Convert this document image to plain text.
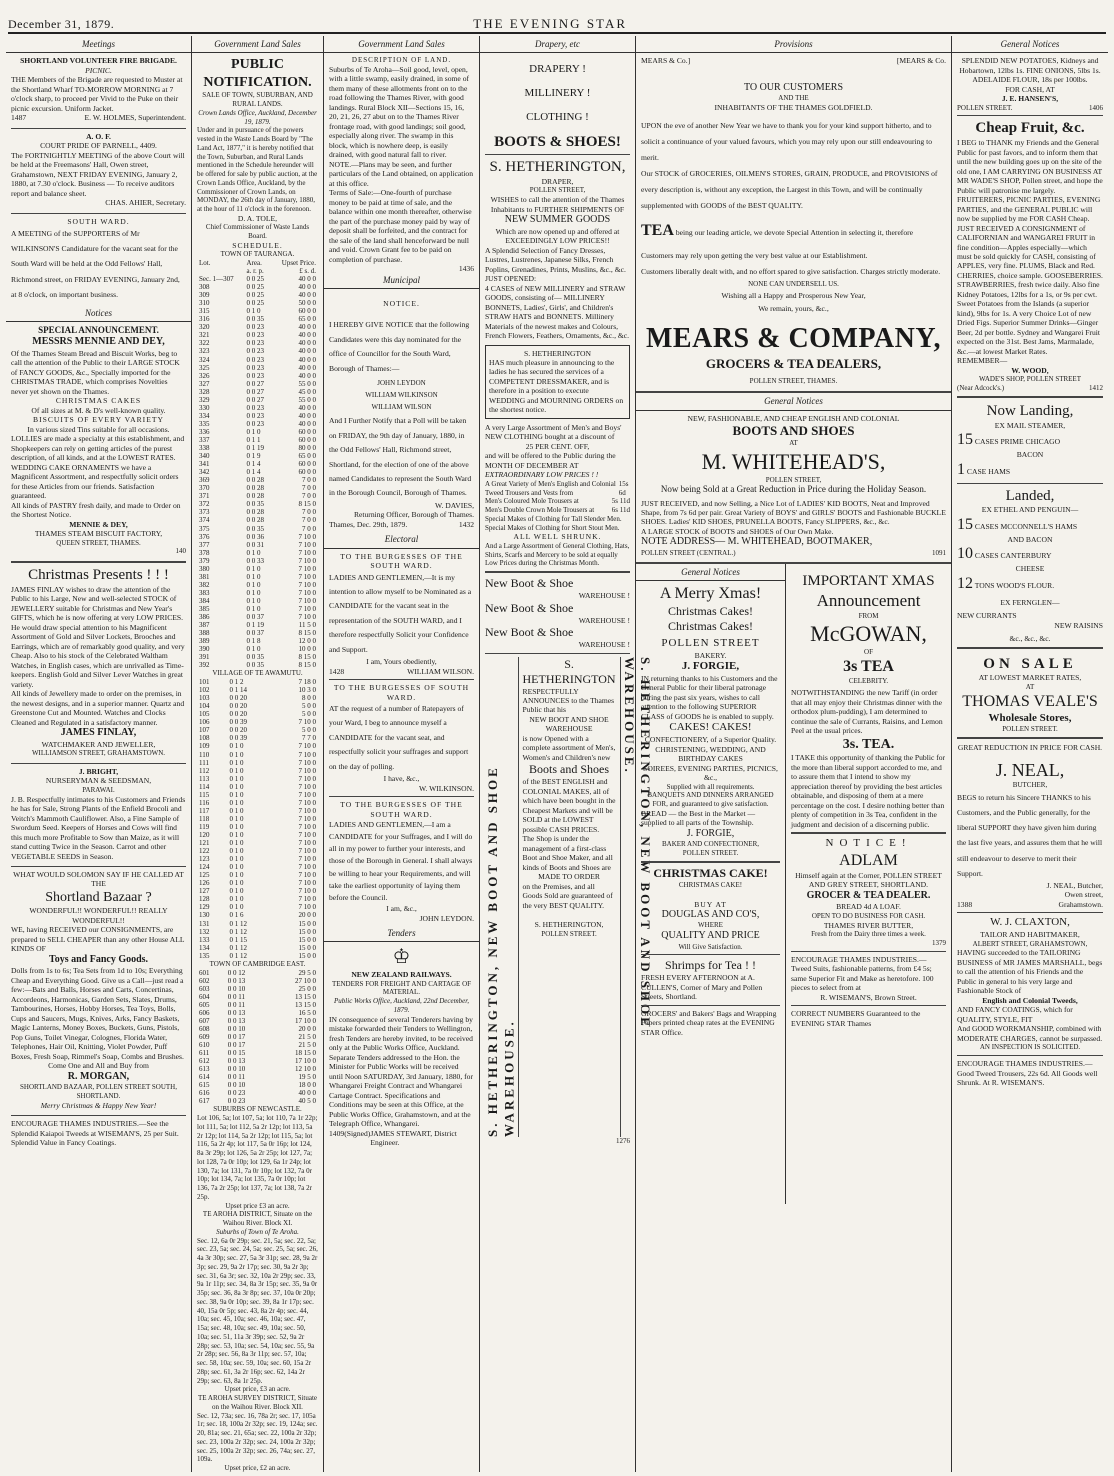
December 31, 1879.	THE EVENING STAR
Meetings
SHORTLAND VOLUNTEER FIRE BRIGADE.
PICNIC.
THE Members of the Brigade are requested to Muster at the Shortland Wharf TO-MORROW MORNING at 7 o'clock sharp, to proceed per Vivid to the Puke on their picnic excursion. Uniform Jacket.
1487	E. W. HOLMES, Superintendent.
A. O. F.
COURT PRIDE OF PARNELL, 4409.
The FORTNIGHTLY MEETING of the above Court will be held at the Freemasons' Hall, Owen street, Grahamstown, NEXT FRIDAY EVENING, January 2, 1880, at 7.30 o'clock. Business — To receive auditors report and balance sheet.
CHAS. AHIER, Secretary.
SOUTH WARD.
A MEETING of the SUPPORTERS of Mr WILKINSON'S Candidature for the vacant seat for the South Ward will be held at the Odd Fellows' Hall, Richmond street, on FRIDAY EVENING, January 2nd, at 8 o'clock, on important business.
Notices
SPECIAL ANNOUNCEMENT.
MESSRS MENNIE AND DEY,
Of the Thames Steam Bread and Biscuit Works, beg to call the attention of the Public to their LARGE STOCK of FANCY GOODS, &c., Specially imported for the CHRISTMAS TRADE, which comprises Novelties never yet shown on the Thames.
CHRISTMAS CAKES
Of all sizes at M. & D's well-known quality.
BISCUITS OF EVERY VARIETY
In various sized Tins suitable for all occasions.
LOLLIES are made a specialty at this establishment, and Shopkeepers can rely on getting articles of the purest description, of all kinds, and at the LOWEST RATES.
WEDDING CAKE ORNAMENTS we have a Magnificent Assortment, and respectfully solicit orders for these Articles from our friends. Satisfaction guaranteed.
All kinds of PASTRY fresh daily, and made to Order on the Shortest Notice.
MENNIE & DEY,
THAMES STEAM BISCUIT FACTORY,
QUEEN STREET, THAMES.
140
Christmas Presents ! ! !
JAMES FINLAY wishes to draw the attention of the Public to his Large, New and well-selected STOCK of JEWELLERY suitable for Christmas and New Year's GIFTS, which he is now offering at very LOW PRICES.
He would draw special attention to his Magnificent Assortment of Gold and Silver Lockets, Brooches and Earrings, which are of remarkably good quality, and very Cheap. Also to his stock of the Celebrated Waltham Watches, in English cases, which are unrivalled as Time-keepers. English Gold and Silver Lever Watches in great variety.
All kinds of Jewellery made to order on the premises, in the newest designs, and in a superior manner. Quartz and Greenstone Cut and Mounted. Watches and Clocks Cleaned and Regulated in a satisfactory manner.
JAMES FINLAY,
WATCHMAKER AND JEWELLER,
WILLIAMSON STREET, GRAHAMSTOWN.
J. BRIGHT,
NURSERYMAN & SEEDSMAN,
PARAWAI.
J. B. Respectfully intimates to his Customers and Friends he has for Sale, Strong Plants of the Enfield Brocoli and Veitch's Mammoth Cauliflower. Also, a Fine Sample of Swordum Seed. Keepers of Horses and Cows will find this much more Profitable to Sow than Maize, as it will stand cutting Twice in the Season. Carrot and other VEGETABLE SEEDS in Season.
WHAT WOULD SOLOMON SAY IF HE CALLED AT THE
Shortland Bazaar ?
WONDERFUL!! WONDERFUL!! REALLY WONDERFUL!!
WE, having RECEIVED our CONSIGNMENTS, are prepared to SELL CHEAPER than any other House ALL KINDS OF
Toys and Fancy Goods.
Dolls from 1s to 6s; Tea Sets from 1d to 10s; Everything Cheap and Everything Good. Give us a Call—just read a few:—Bats and Balls, Horses and Carts, Concertinas, Accordeons, Harmonicas, Garden Sets, Slates, Drums, Tambourines, Horses, Hobby Horses, Tea Toys, Bolls, Cups and Saucers, Mugs, Knives, Arks, Fancy Baskets, Magic Lanterns, Money Boxes, Buckets, Guns, Pistols, Pop Guns, Toilet Vinegar, Colognes, Florida Water, Telephones, Hair Oil, Knitting, Violet Powder, Puff Boxes, Fresh Soap, Rimmel's Soap, Combs and Brushes.
Come One and All and Buy from
R. MORGAN,
SHORTLAND BAZAAR, POLLEN STREET SOUTH, SHORTLAND.
Merry Christmas & Happy New Year!
ENCOURAGE THAMES INDUSTRIES.—See the Splendid Kaiapoi Tweeds at WISEMAN'S, 25 per Suit. Splendid Value in Fancy Coatings.
Government Land Sales
PUBLIC NOTIFICATION.
SALE OF TOWN, SUBURBAN, AND RURAL LANDS.
Crown Lands Office, Auckland, December 19, 1879.
Under and in pursuance of the powers vested in the Waste Lands Board by "The Land Act, 1877," it is hereby notified that the Town, Suburban, and Rural Lands mentioned in the Schedule hereunder will be offered for sale by public auction, at the Crown Lands Office, Auckland, by the Commissioner of Crown Lands, on MONDAY, the 26th day of January, 1880, at the hour of 11 o'clock in the forenoon.
D. A. TOLE,
Chief Commissioner of Waste Lands Board.
SCHEDULE.
TOWN OF TAURANGA.
Lot.	Area.	Upset Price.
	a. r. p.	£ s. d.
Sec. 1—307	0 0 25	40 0 0
308	0 0 25	40 0 0
309	0 0 25	40 0 0
310	0 0 25	50 0 0
315	0 1 0	60 0 0
316	0 0 35	65 0 0
320	0 0 23	40 0 0
321	0 0 23	40 0 0
322	0 0 23	40 0 0
323	0 0 23	40 0 0
324	0 0 23	40 0 0
325	0 0 23	40 0 0
326	0 0 23	40 0 0
327	0 0 27	55 0 0
328	0 0 27	45 0 0
329	0 0 27	55 0 0
330	0 0 23	40 0 0
334	0 0 23	40 0 0
335	0 0 23	40 0 0
336	0 1 0	60 0 0
337	0 1 1	60 0 0
338	0 1 19	80 0 0
340	0 1 9	65 0 0
341	0 1 4	60 0 0
342	0 1 4	60 0 0
369	0 0 28	7 0 0
370	0 0 28	7 0 0
371	0 0 28	7 0 0
372	0 0 35	8 15 0
373	0 0 28	7 0 0
374	0 0 28	7 0 0
375	0 0 35	7 0 0
376	0 0 36	7 10 0
377	0 0 31	7 10 0
378	0 1 0	7 10 0
379	0 0 33	7 10 0
380	0 1 0	7 10 0
381	0 1 0	7 10 0
382	0 1 0	7 10 0
383	0 1 0	7 10 0
384	0 1 0	7 10 0
385	0 1 0	7 10 0
386	0 0 37	7 10 0
387	0 1 19	11 5 0
388	0 0 37	8 15 0
389	0 1 8	12 0 0
390	0 1 0	10 0 0
391	0 0 35	8 15 0
392	0 0 35	8 15 0
VILLAGE OF TE AWAMUTU.
101	0 1 2	7 18 0
102	0 1 14	10 3 0
103	0 0 20	8 0 0
104	0 0 20	5 0 0
105	0 0 20	5 0 0
106	0 0 39	7 10 0
107	0 0 20	5 0 0
108	0 0 39	7 7 0
109	0 1 0	7 10 0
110	0 1 0	7 10 0
111	0 1 0	7 10 0
112	0 1 0	7 10 0
113	0 1 0	7 10 0
114	0 1 0	7 10 0
115	0 1 0	7 10 0
116	0 1 0	7 10 0
117	0 1 0	7 10 0
118	0 1 0	7 10 0
119	0 1 0	7 10 0
120	0 1 0	7 10 0
121	0 1 0	7 10 0
122	0 1 0	7 10 0
123	0 1 0	7 10 0
124	0 1 0	7 10 0
125	0 1 0	7 10 0
126	0 1 0	7 10 0
127	0 1 0	7 10 0
128	0 1 0	7 10 0
129	0 1 0	7 10 0
130	0 1 6	20 0 0
131	0 1 12	15 0 0
132	0 1 12	15 0 0
133	0 1 15	15 0 0
134	0 1 12	15 0 0
135	0 1 12	15 0 0
TOWN OF CAMBRIDGE EAST.
601	0 0 12	29 5 0
602	0 0 13	27 10 0
603	0 0 10	25 0 0
604	0 0 11	13 15 0
605	0 0 11	13 15 0
606	0 0 13	16 5 0
607	0 0 13	17 10 0
608	0 0 10	20 0 0
609	0 0 17	21 5 0
610	0 0 17	21 5 0
611	0 0 15	18 15 0
612	0 0 13	17 10 0
613	0 0 10	12 10 0
614	0 0 11	19 5 0
615	0 0 10	18 0 0
616	0 0 23	40 0 0
617	0 0 23	40 5 0
SUBURBS OF NEWCASTLE.
Lot 106, 5a; lot 107, 5a; lot 110, 7a 1r 22p; lot 111, 5a; lot 112, 5a 2r 12p; lot 113, 5a 2r 12p; lot 114, 5a 2r 12p; lot 115, 5a; lot 116, 5a 2r 4p; lot 117, 5a 0r 16p; lot 124, 8a 3r 29p; lot 126, 5a 2r 25p; lot 127, 7a; lot 128, 7a 0r 10p; lot 129, 6a 1r 24p; lot 130, 7a; lot 131, 7a 0r 10p; lot 132, 7a 0r 10p; lot 134, 7a; lot 135, 7a 0r 10p; lot 136, 7a 2r 25p; lot 137, 7a; lot 138, 7a 2r 25p.
Upset price £3 an acre.
TE AROHA DISTRICT, Situate on the Waihou River. Block XI.
Suburbs of Town of Te Aroha.
Sec. 12, 6a 0r 29p; sec. 21, 5a; sec. 22, 5a; sec. 23, 5a; sec. 24, 5a; sec. 25, 5a; sec. 26, 4a 3r 30p; sec. 27, 5a 3r 31p; sec. 28, 9a 2r 3p; sec. 29, 9a 2r 17p; sec. 30, 9a 2r 3p; sec. 31, 6a 3r; sec. 32, 10a 2r 29p; sec. 33, 9a 1r 11p; sec. 34, 8a 3r 15p; sec. 35, 9a 0r 35p; sec. 36, 8a 3r 8p; sec. 37, 10a 0r 20p; sec. 38, 9a 0r 10p; sec. 39, 8a 1r 17p; sec. 40, 15a 0r 5p; sec. 43, 8a 2r 4p; sec. 44, 10a; sec. 45, 10a; sec. 46, 10a; sec. 47, 15a; sec. 48, 10a; sec. 49, 10a; sec. 50, 10a; sec. 51, 11a 3r 39p; sec. 52, 9a 2r 28p; sec. 53, 10a; sec. 54, 10a; sec. 55, 9a 2r 28p; sec. 56, 8a 3r 11p; sec. 57, 10a; sec. 58, 10a; sec. 59, 10a; sec. 60, 15a 2r 28p; sec. 61, 3a 2r 16p; sec. 62, 14a 2r 29p; sec. 63, 8a 1r 25p.
Upset price, £3 an acre.
TE AROHA SURVEY DISTRICT, Situate on the Waihou River. Block XII.
Sec. 12, 73a; sec. 16, 78a 2r; sec. 17, 105a 1r; sec. 18, 100a 2r 32p; sec. 19, 124a; sec. 20, 81a; sec. 21, 65a; sec. 22, 100a 2r 32p; sec. 23, 100a 2r 32p; sec. 24, 100a 2r 32p; sec. 25, 100a 2r 32p; sec. 26, 74a; sec. 27, 109a.
Upset price, £2 an acre.
Government Land Sales
DESCRIPTION OF LAND.
Suburbs of Te Aroha—Soil good, level, open, with a little swamp, easily drained, in some of them many of these allotments front on to the road following the Thames River, with good landings. Rural Block XII—Sections 15, 16, 20, 21, 26, 27 abut on to the Thames River frontage road, with good landings; soil good, especially along river. The swamp in this block, which is nowhere deep, is easily drained, with good natural fall to river.
NOTE.—Plans may be seen, and further particulars of the Land obtained, on application at this office.
Terms of Sale:—One-fourth of purchase money to be paid at time of sale, and the balance within one month thereafter, otherwise the part of the purchase money paid by way of deposit shall be forfeited, and the contract for the sale of the land shall henceforward be null and void. Crown Grant fee to be paid on completion of purchase.
1436
Municipal
NOTICE.
I HEREBY GIVE NOTICE that the following Candidates were this day nominated for the office of Councillor for the South Ward, Borough of Thames:—
JOHN LEYDON
WILLIAM WILKINSON
WILLIAM WILSON
And I Further Notify that a Poll will be taken on FRIDAY, the 9th day of January, 1880, in the Odd Fellows' Hall, Richmond street, Shortland, for the election of one of the above named Candidates to represent the South Ward in the Borough Council, Borough of Thames.
W. DAVIES,
Returning Officer, Borough of Thames.
Thames, Dec. 29th, 1879.	1432
Electoral
TO THE BURGESSES OF THE SOUTH WARD.
LADIES AND GENTLEMEN,—It is my intention to allow myself to be Nominated as a CANDIDATE for the vacant seat in the representation of the SOUTH WARD, and I therefore respectfully Solicit your Confidence and Support.
I am, Yours obediently,
1428	WILLIAM WILSON.
TO THE BURGESSES OF SOUTH WARD.
AT the request of a number of Ratepayers of your Ward, I beg to announce myself a CANDIDATE for the vacant seat, and respectfully solicit your suffrages and support on the day of polling.
I have, &c.,
W. WILKINSON.
TO THE BURGESSES OF THE SOUTH WARD.
LADIES AND GENTLEMEN,—I am a CANDIDATE for your Suffrages, and I will do all in my power to further your interests, and those of the Borough in General. I shall always be willing to hear your Requirements, and will take the earliest opportunity of laying them before the Council.
I am, &c.,
JOHN LEYDON.
Tenders
♔
NEW ZEALAND RAILWAYS.
TENDERS FOR FREIGHT AND CARTAGE OF MATERIAL.
Public Works Office, Auckland, 22nd December, 1879.
IN consequence of several Tenderers having by mistake forwarded their Tenders to Wellington, fresh Tenders are hereby invited, to be received only at the Public Works Office, Auckland. Separate Tenders addressed to the Hon. the Minister for Public Works will be received until Noon SATURDAY, 3rd January, 1880, for Whangarei Freight Contract and Whangarei Cartage Contract. Specifications and Conditions may be seen at this Office, at the Public Works Office, Grahamstown, and at the Telegraph Office, Whangarei.
1409 (Signed) JAMES STEWART, District Engineer.
Drapery, etc
DRAPERY !
MILLINERY !
CLOTHING !
BOOTS & SHOES!
S. HETHERINGTON,
DRAPER,
POLLEN STREET,
WISHES to call the attention of the Thames Inhabitants to FURTHER SHIPMENTS OF
NEW SUMMER GOODS
Which are now opened up and offered at EXCEEDINGLY LOW PRICES!!
A Splendid Selection of Fancy Dresses, Lustres, Lustrenes, Japanese Silks, French Poplins, Grenadines, Prints, Muslins, &c., &c.
JUST OPENED:
4 CASES of NEW MILLINERY and STRAW GOODS, consisting of— MILLINERY BONNETS, Ladies', Girls', and Children's STRAW HATS and BONNETS. Millinery Materials of the newest makes and Colours, French Flowers, Feathers, Ornaments, &c., &c.
S. HETHERINGTON
HAS much pleasure in announcing to the ladies he has secured the services of a COMPETENT DRESSMAKER, and is therefore in a position to execute WEDDING and MOURNING ORDERS on the shortest notice.
A very Large Assortment of Men's and Boys' NEW CLOTHING bought at a discount of
25 PER CENT. OFF,
and will be offered to the Public during the MONTH OF DECEMBER AT
EXTRAORDINARY LOW PRICES ! !
A Great Variety of Men's English and Colonial Tweed Trousers and Vests from
15s 6d
Men's Coloured Mole Trousers at	5s 11d
Men's Double Crown Mole Trousers at	6s 11d
Special Makes of Clothing for Tall Slender Men. Special Makes of Clothing for Short Stout Men.
ALL WELL SHRUNK.
And a Large Assortment of General Clothing, Hats, Shirts, Scarfs and Mercery to be sold at equally Low Prices during the Christmas Month.
New Boot & Shoe
WAREHOUSE !
New Boot & Shoe
WAREHOUSE !
New Boot & Shoe
WAREHOUSE !
S. HETHERINGTON, NEW BOOT AND SHOE WAREHOUSE.
S. HETHERINGTON
RESPECTFULLY ANNOUNCES to the Thames Public that his
NEW BOOT AND SHOE WAREHOUSE
is now Opened with a complete assortment of Men's, Women's and Children's new
Boots and Shoes
of the BEST ENGLISH and COLONIAL MAKES, all of which have been bought in the Cheapest Markets and will be SOLD at the LOWEST possible CASH PRICES.
The Shop is under the management of a first-class Boot and Shoe Maker, and all kinds of Boots and Shoes are
MADE TO ORDER
on the Premises, and all Goods Sold are guaranteed of the very BEST QUALITY.
S. HETHERINGTON,
POLLEN STREET.	S. HETHERINGTON, NEW BOOT AND SHOE WAREHOUSE.
1276
Provisions
MEARS & Co.]	[MEARS & Co.
TO OUR CUSTOMERS
AND THE
INHABITANTS OF THE THAMES GOLDFIELD.
UPON the eve of another New Year we have to thank you for your kind support hitherto, and to solicit a continuance of your valued favours, which you may rely upon our still endeavouring to merit.
Our STOCK of GROCERIES, OILMEN'S STORES, GRAIN, PRODUCE, and PROVISIONS of every description is, without any exception, the Largest in this Town, and will be continually supplemented with GOODS of the BEST QUALITY.
TEA being our leading article, we devote Special Attention in selecting it, therefore Customers may rely upon getting the very best value at our Establishment.
Customers liberally dealt with, and no effort spared to give satisfaction. Charges strictly moderate.
NONE CAN UNDERSELL US.
Wishing all a Happy and Prosperous New Year,
We remain, yours, &c.,
MEARS & COMPANY,
GROCERS & TEA DEALERS,
POLLEN STREET, THAMES.
General Notices
NEW, FASHIONABLE, AND CHEAP ENGLISH AND COLONIAL
BOOTS AND SHOES
AT
M. WHITEHEAD'S,
POLLEN STREET,
Now being Sold at a Great Reduction in Price during the Holiday Season.
JUST RECEIVED, and now Selling, a Nice Lot of LADIES' KID BOOTS, Neat and Improved Shape, from 7s 6d per pair. Great Variety of BOYS' and GIRLS' BOOTS and Fashionable BUCKLE SHOES. Ladies' KID SHOES, PRUNELLA BOOTS, Fancy SLIPPERS, &c., &c.
A LARGE STOCK of BOOTS and SHOES of Our Own Make.
NOTE ADDRESS— M. WHITEHEAD, BOOTMAKER,
POLLEN STREET (CENTRAL.)	1091
General Notices
A Merry Xmas!
Christmas Cakes!
Christmas Cakes!
POLLEN STREET
BAKERY.
J. FORGIE,
IN returning thanks to his Customers and the General Public for their liberal patronage during the past six years, wishes to call attention to the following SUPERIOR CLASS of GOODS he is enabled to supply.
CAKES! CAKES!
CONFECTIONERY, of a Superior Quality.
CHRISTENING, WEDDING, AND BIRTHDAY CAKES
SOIREES, EVENING PARTIES, PICNICS, &c.,
Supplied with all requirements.
BANQUETS AND DINNERS ARRANGED FOR, and guaranteed to give satisfaction.
BREAD — the Best in the Market — supplied to all parts of the Township.
J. FORGIE,
BAKER AND CONFECTIONER,
POLLEN STREET.
CHRISTMAS CAKE!
CHRISTMAS CAKE!
BUY AT
DOUGLAS AND CO'S,
WHERE
QUALITY AND PRICE
Will Give Satisfaction.
Shrimps for Tea ! !
FRESH EVERY AFTERNOON at A. CULLEN'S, Corner of Mary and Pollen Streets, Shortland.
GROCERS' and Bakers' Bags and Wrapping Papers printed cheap rates at the EVENING STAR Office.
IMPORTANT XMAS
Announcement
FROM
McGOWAN,
OF
3s TEA
CELEBRITY.
NOTWITHSTANDING the new Tariff (in order that all may enjoy their Christmas dinner with the orthodox plum-pudding), I am determined to continue the sale of Currants, Raisins, and Lemon Peel at the usual prices.
3s. TEA.
I TAKE this opportunity of thanking the Public for the more than liberal support accorded to me, and to assure them that I intend to show my appreciation thereof by providing the best articles obtainable, and disposing of them at a mere percentage on the cost. I desire nothing better than plenty of competition in 3s Tea, confident in the judgment and decision of a discerning public.
NOTICE!
ADLAM
Himself again at the Corner, POLLEN STREET AND GREY STREET, SHORTLAND.
GROCER & TEA DEALER.
BREAD 4d A LOAF.
OPEN TO DO BUSINESS FOR CASH.
THAMES RIVER BUTTER,
Fresh from the Dairy three times a week.
1379
ENCOURAGE THAMES INDUSTRIES.—Tweed Suits, fashionable patterns, from £4 5s; same Superior Fit and Make as heretofore. 100 pieces to select from at
R. WISEMAN'S, Brown Street.
CORRECT NUMBERS Guaranteed to the EVENING STAR Thames
General Notices
SPLENDID NEW POTATOES, Kidneys and Hobartown, 12lbs 1s. FINE ONIONS, 5lbs 1s. ADELAIDE FLOUR, 18s per 100lbs.
FOR CASH, AT
J. E. HANSEN'S,
POLLEN STREET.	1406
Cheap Fruit, &c.
I BEG to THANK my Friends and the General Public for past favors, and to inform them that until the new building goes up on the site of the old one, I AM CARRYING ON BUSINESS AT MR WADE'S SHOP, Pollen street, and hope the Public will patronise me largely. FRUITERERS, PICNIC PARTIES, EVENING PARTIES, and the GENERAL PUBLIC will now be supplied by me FOR CASH Cheap.
JUST RECEIVED A CONSIGNMENT of CALIFORNIAN and WANGAREI FRUIT in fine condition—Apples especially—which must be sold quickly for CASH, consisting of APPLES, very fine. PLUMS, Black and Red. CHERRIES, choice sample. GOOSEBERRIES. STRAWBERRIES, fresh twice daily. Also fine Kidney Potatoes, 12lbs for a 1s, or 9s per cwt. Sweet Potatoes from the Islands (a superior kind), 9lbs for 1s. A very Choice Lot of new Dried Figs. Superior Summer Drinks—Ginger Beer, 2d per bottle. Sydney and Wangarei Fruit expected on the 31st. Best Jams, Marmalade, &c.—at lowest Market Rates.
REMEMBER—
W. WOOD,
WADE'S SHOP, POLLEN STREET
(Near Adcock's.)	1412
Now Landing,
EX MAIL STEAMER,
15 CASES PRIME CHICAGO
BACON
1 CASE HAMS
Landed,
EX ETHEL AND PENGUIN—
15 CASES MCCONNELL'S HAMS
AND BACON
10 CASES CANTERBURY
CHEESE
12 TONS WOOD'S FLOUR.
EX FERNGLEN—
NEW CURRANTS
NEW RAISINS
&c., &c., &c.
ON SALE
AT LOWEST MARKET RATES,
AT
THOMAS VEALE'S
Wholesale Stores,
POLLEN STREET.
GREAT REDUCTION IN PRICE FOR CASH.
J. NEAL,
BUTCHER,
BEGS to return his Sincere THANKS to his Customers, and the Public generally, for the liberal SUPPORT they have given him during the last five years, and assures them that he will still endeavour to deserve to merit their Support.
J. NEAL, Butcher,
Owen street,
1388	Grahamstown.
W. J. CLAXTON,
TAILOR AND HABITMAKER,
ALBERT STREET, GRAHAMSTOWN,
HAVING succeeded to the TAILORING BUSINESS of MR JAMES MARSHALL, begs to call the attention of his Friends and the Public in general to his very large and Fashionable Stock of
English and Colonial Tweeds,
AND FANCY COATINGS, which for QUALITY, STYLE, FIT
And GOOD WORKMANSHIP, combined with MODERATE CHARGES, cannot be surpassed.
AN INSPECTION IS SOLICITED.
ENCOURAGE THAMES INDUSTRIES.—Good Tweed Trousers, 22s 6d. All Goods well Shrunk. At R. WISEMAN'S.
